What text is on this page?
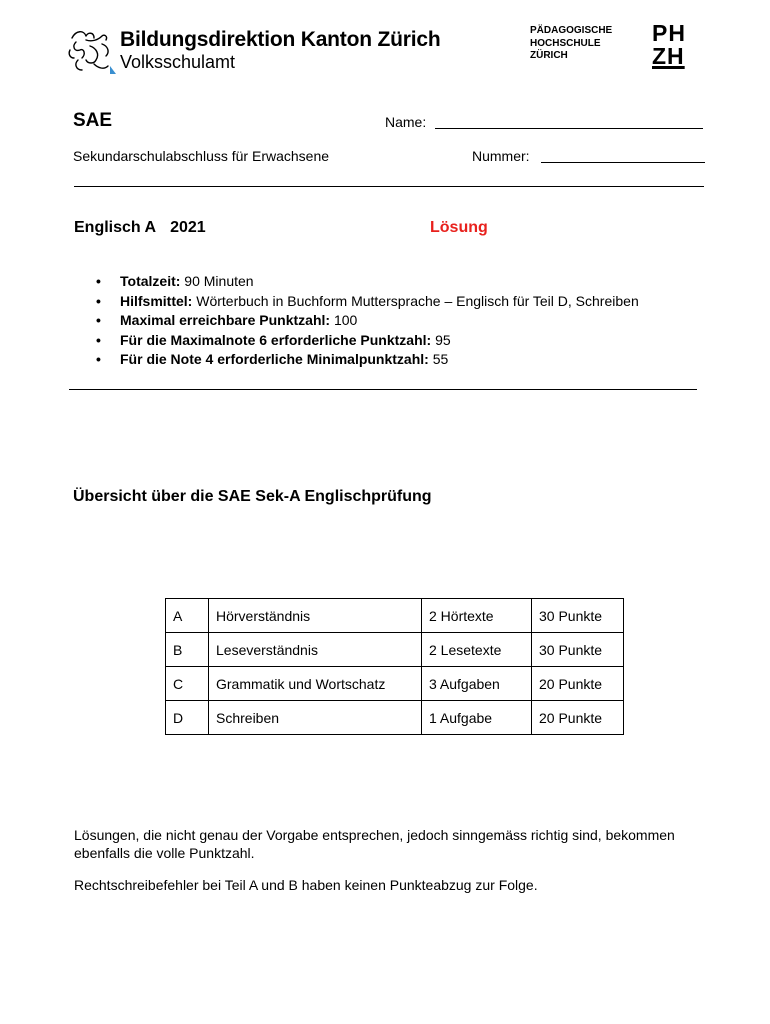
Bildungsdirektion Kanton Zürich
Volksschulamt
PÄDAGOGISCHE
HOCHSCHULE
ZÜRICH
PH
ZH
SAE	Name:
Sekundarschulabschluss für Erwachsene	Nummer:
Englisch A 2021	Lösung
• Totalzeit: 90 Minuten
• Hilfsmittel: Wörterbuch in Buchform Muttersprache – Englisch für Teil D, Schreiben
• Maximal erreichbare Punktzahl: 100
• Für die Maximalnote 6 erforderliche Punktzahl: 95
• Für die Note 4 erforderliche Minimalpunktzahl: 55
Übersicht über die SAE Sek-A Englischprüfung
A	Hörverständnis	2 Hörtexte	30 Punkte
B	Leseverständnis	2 Lesetexte	30 Punkte
C	Grammatik und Wortschatz	3 Aufgaben	20 Punkte
D	Schreiben	1 Aufgabe	20 Punkte
Lösungen, die nicht genau der Vorgabe entsprechen, jedoch sinngemäss richtig sind, bekommen ebenfalls die volle Punktzahl.
Rechtschreibefehler bei Teil A und B haben keinen Punkteabzug zur Folge.
